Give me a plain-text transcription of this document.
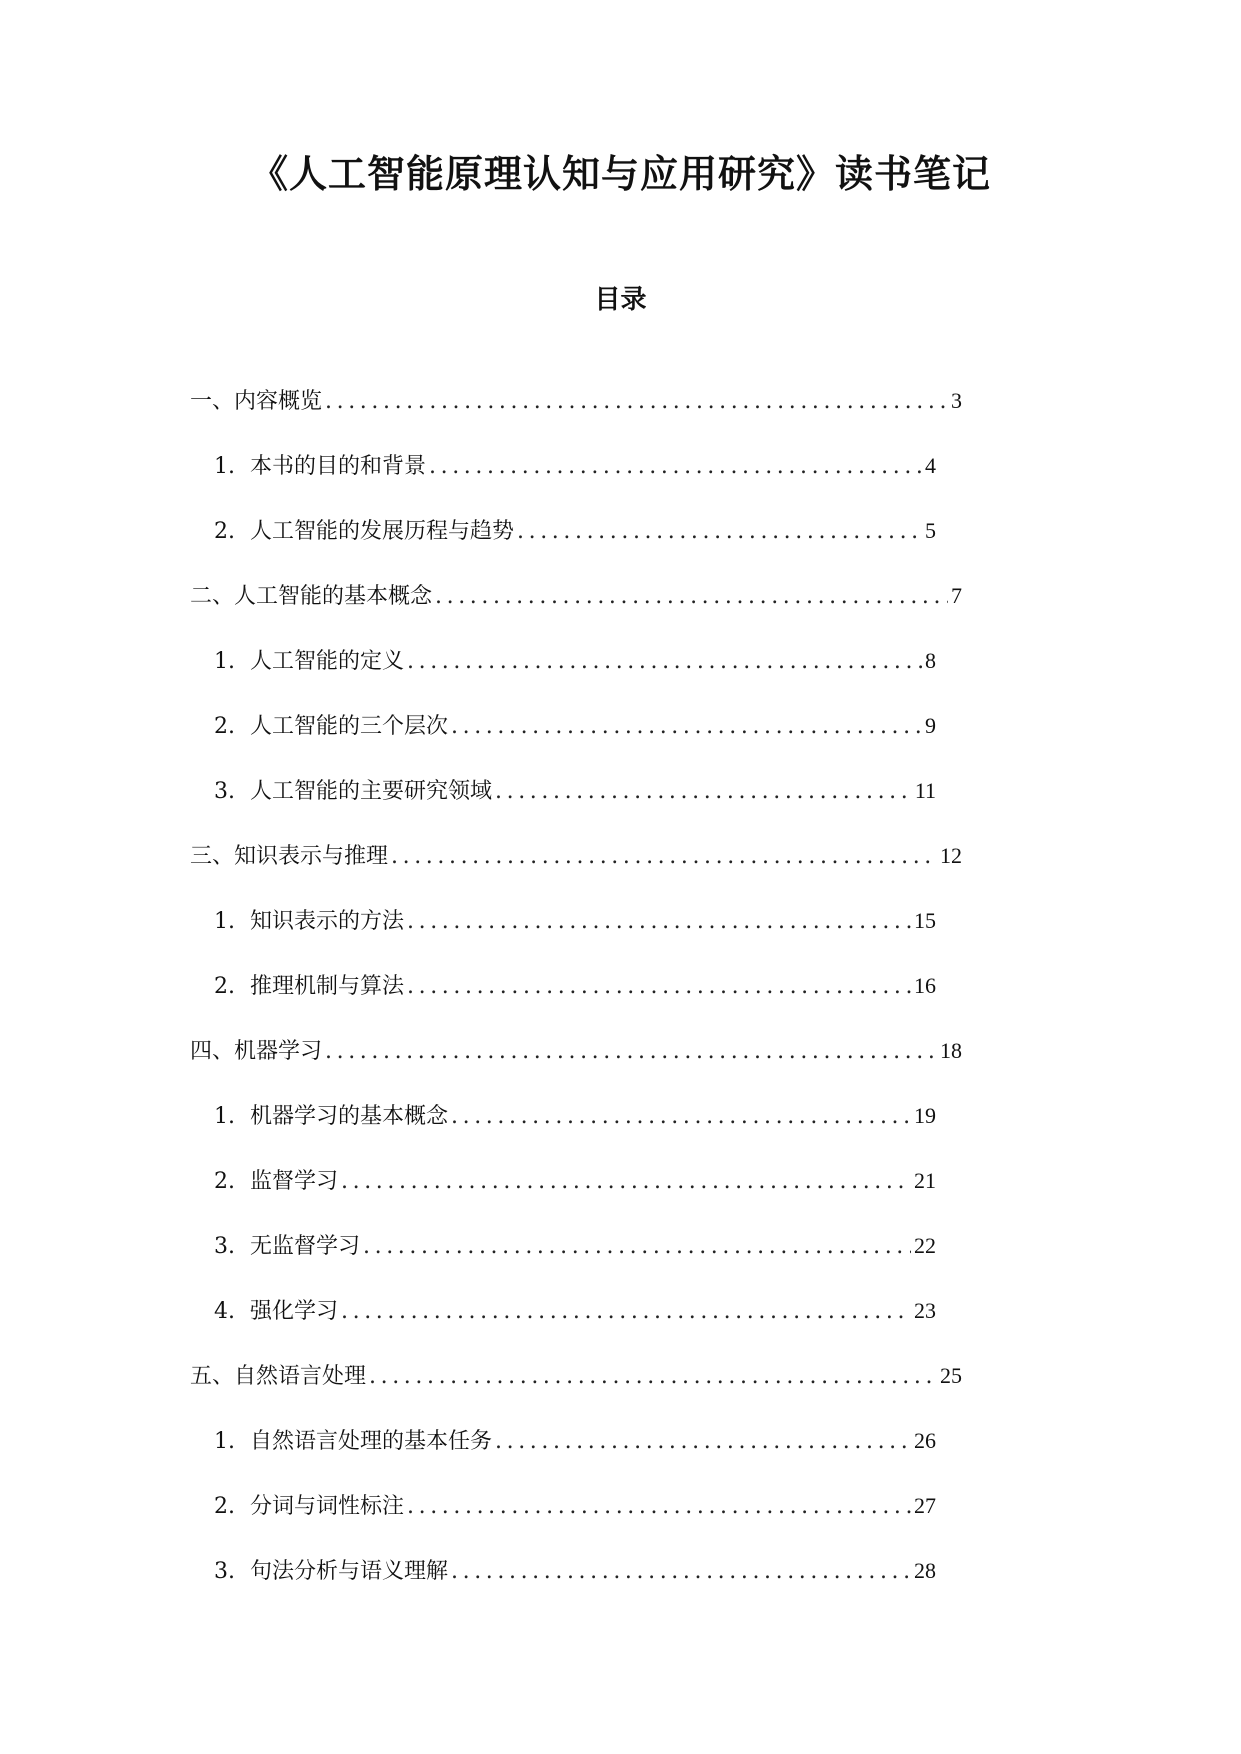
《人工智能原理认知与应用研究》读书笔记
目录
一、内容概览 .....	3
1. 本书的目的和背景 .....	4
2. 人工智能的发展历程与趋势 .....	5
二、人工智能的基本概念 .....	7
1. 人工智能的定义 .....	8
2. 人工智能的三个层次 .....	9
3. 人工智能的主要研究领域 .....	11
三、知识表示与推理 .....	12
1. 知识表示的方法 .....	15
2. 推理机制与算法 .....	16
四、机器学习 .....	18
1. 机器学习的基本概念 .....	19
2. 监督学习 .....	21
3. 无监督学习 .....	22
4. 强化学习 .....	23
五、自然语言处理 .....	25
1. 自然语言处理的基本任务 .....	26
2. 分词与词性标注 .....	27
3. 句法分析与语义理解 .....	28
